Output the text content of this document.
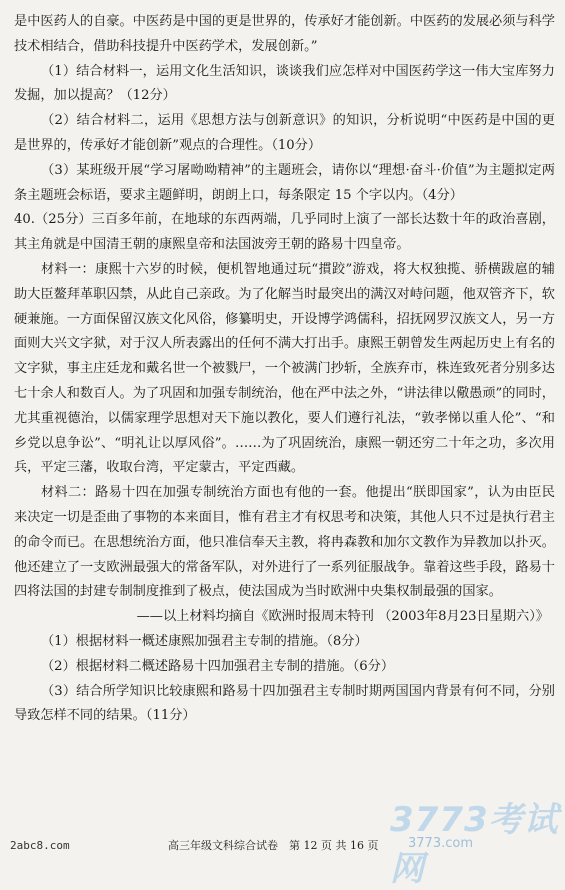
是中医药人的自豪。中医药是中国的更是世界的，传承好才能创新。中医药的发展必须与科学技术相结合，借助科技提升中医药学术，发展创新。”

（1）结合材料一，运用文化生活知识，谈谈我们应怎样对中国医药学这一伟大宝库努力发掘，加以提高？（12分）

（2）结合材料二，运用《思想方法与创新意识》的知识，分析说明“中医药是中国的更是世界的，传承好才能创新”观点的合理性。（10分）

（3）某班级开展“学习屠呦呦精神”的主题班会，请你以“理想·奋斗·价值”为主题拟定两条主题班会标语，要求主题鲜明，朗朗上口，每条限定 15 个字以内。（4分）

40.（25分）三百多年前，在地球的东西两端，几乎同时上演了一部长达数十年的政治喜剧，其主角就是中国清王朝的康熙皇帝和法国波旁王朝的路易十四皇帝。

材料一：康熙十六岁的时候，便机智地通过玩“摜跤”游戏，将大权独揽、骄横跋扈的辅助大臣鳌拜革职囚禁，从此自己亲政。为了化解当时最突出的满汉对峙问题，他双管齐下，软硬兼施。一方面保留汉族文化风俗，修纂明史，开设博学鸿儒科，招抚网罗汉族文人，另一方面则大兴文字狱，对于汉人所表露出的任何不满大打出手。康熙王朝曾发生两起历史上有名的文字狱，事主庄廷龙和戴名世一个被戮尸，一个被满门抄斩，全族弃市，株连致死者分别多达七十余人和数百人。为了巩固和加强专制统治，他在严中法之外，“讲法律以儆愚顽”的同时，尤其重视德治，以儒家理学思想对天下施以教化，要人们遵行礼法，“敦孝悌以重人伦”、“和乡党以息争讼”、“明礼让以厚风俗”。……为了巩固统治，康熙一朝还穷二十年之功，多次用兵，平定三藩，收取台湾，平定蒙古，平定西藏。

材料二：路易十四在加强专制统治方面也有他的一套。他提出“朕即国家”，认为由臣民来决定一切是歪曲了事物的本来面目，惟有君主才有权思考和决策，其他人只不过是执行君主的命令而已。在思想统治方面，他只准信奉天主教，将冉森教和加尔文教作为异教加以扑灭。他还建立了一支欧洲最强大的常备军队，对外进行了一系列征服战争。靠着这些手段，路易十四将法国的封建专制制度推到了极点，使法国成为当时欧洲中央集权制最强的国家。

——以上材料均摘自《欧洲时报周末特刊 （2003年8月23日星期六）》

（1）根据材料一概述康熙加强君主专制的措施。（8分）

（2）根据材料二概述路易十四加强君主专制的措施。（6分）

（3）结合所学知识比较康熙和路易十四加强君主专制时期两国国内背景有何不同，分别导致怎样不同的结果。（11分）

3773考试网
3773.com
2abc8.com	高三年级文科综合试卷　第 12 页 共 16 页
